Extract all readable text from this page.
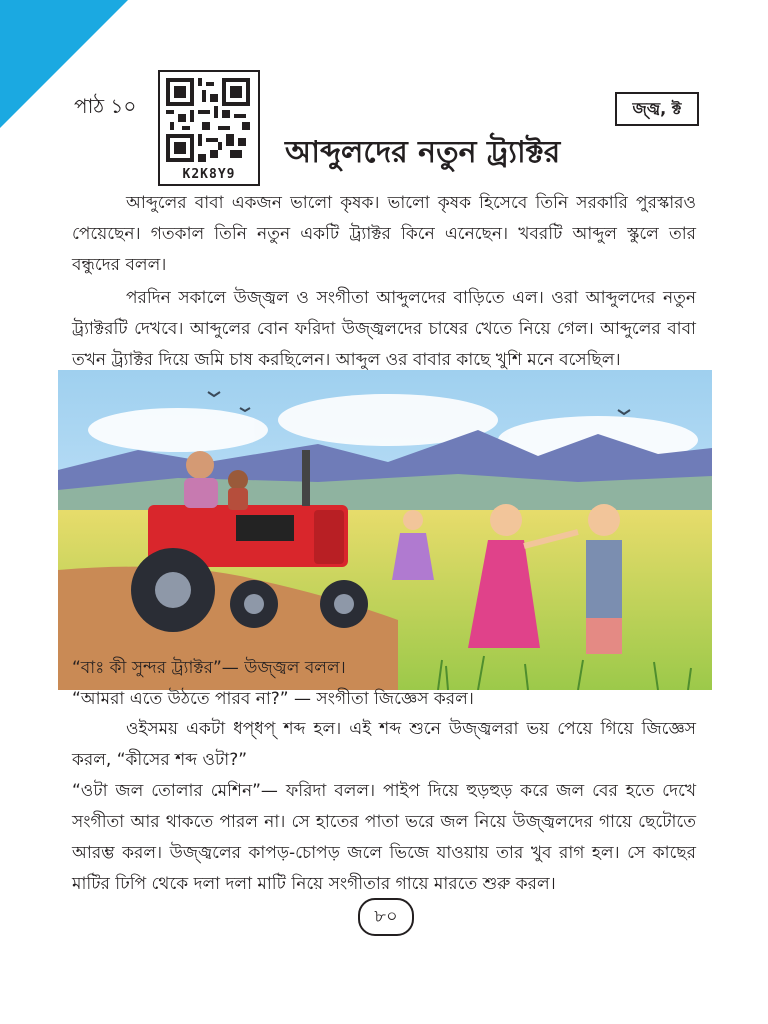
পাঠ ১০
K2K8Y9
জ্জ্ব, ক্ট
আব্দুলদের নতুন ট্র্যাক্টর

আব্দুলের বাবা একজন ভালো কৃষক। ভালো কৃষক হিসেবে তিনি সরকারি পুরস্কারও পেয়েছেন। গতকাল তিনি নতুন একটি ট্র্যাক্টর কিনে এনেছেন। খবরটি আব্দুল স্কুলে তার বন্ধুদের বলল।

পরদিন সকালে উজ্জ্বল ও সংগীতা আব্দুলদের বাড়িতে এল। ওরা আব্দুলদের নতুন ট্র্যাক্টরটি দেখবে। আব্দুলের বোন ফরিদা উজ্জ্বলদের চাষের খেতে নিয়ে গেল। আব্দুলের বাবা তখন ট্র্যাক্টর দিয়ে জমি চাষ করছিলেন। আব্দুল ওর বাবার কাছে খুশি মনে বসেছিল।

“বাঃ কী সুন্দর ট্র্যাক্টর”— উজ্জ্বল বলল।
“আমরা এতে উঠতে পারব না?” — সংগীতা জিজ্ঞেস করল।

ওইসময় একটা ধপ্‌ধপ্‌ শব্দ হল। এই শব্দ শুনে উজ্জ্বলরা ভয় পেয়ে গিয়ে জিজ্ঞেস করল, “কীসের শব্দ ওটা?”

“ওটা জল তোলার মেশিন”— ফরিদা বলল। পাইপ দিয়ে হুড়হুড় করে জল বের হতে দেখে সংগীতা আর থাকতে পারল না। সে হাতের পাতা ভরে জল নিয়ে উজ্জ্বলদের গায়ে ছেটোতে আরম্ভ করল। উজ্জ্বলের কাপড়-চোপড় জলে ভিজে যাওয়ায় তার খুব রাগ হল। সে কাছের মাটির ঢিপি থেকে দলা দলা মাটি নিয়ে সংগীতার গায়ে মারতে শুরু করল।

৮০
